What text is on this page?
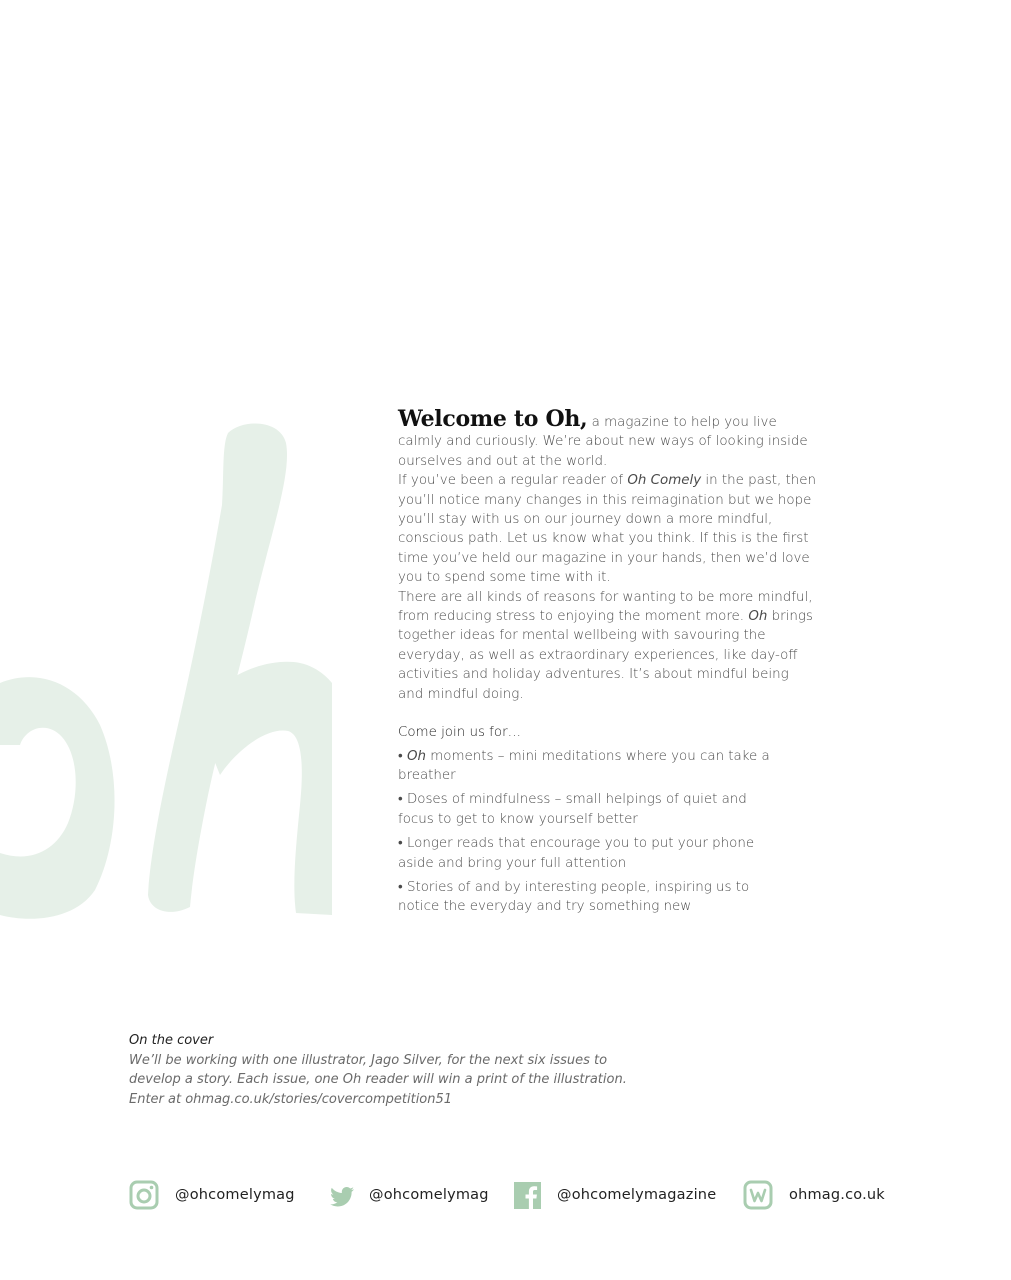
Welcome to Oh, a magazine to help you live calmly and curiously. We’re about new ways of looking inside ourselves and out at the world.

If you’ve been a regular reader of Oh Comely in the past, then you’ll notice many changes in this reimagination but we hope you’ll stay with us on our journey down a more mindful, conscious path. Let us know what you think. If this is the first time you’ve held our magazine in your hands, then we’d love you to spend some time with it.

There are all kinds of reasons for wanting to be more mindful, from reducing stress to enjoying the moment more. Oh brings together ideas for mental wellbeing with savouring the everyday, as well as extraordinary experiences, like day-off activities and holiday adventures. It’s about mindful being and mindful doing.

Come join us for…

• Oh moments – mini meditations where you can take a breather
• Doses of mindfulness – small helpings of quiet and focus to get to know yourself better
• Longer reads that encourage you to put your phone aside and bring your full attention
• Stories of and by interesting people, inspiring us to notice the everyday and try something new

On the cover

We’ll be working with one illustrator, Jago Silver, for the next six issues to

develop a story. Each issue, one Oh reader will win a print of the illustration.

Enter at ohmag.co.uk/stories/covercompetition51

@ohcomelymag	@ohcomelymag	@ohcomelymagazine	ohmag.co.uk
